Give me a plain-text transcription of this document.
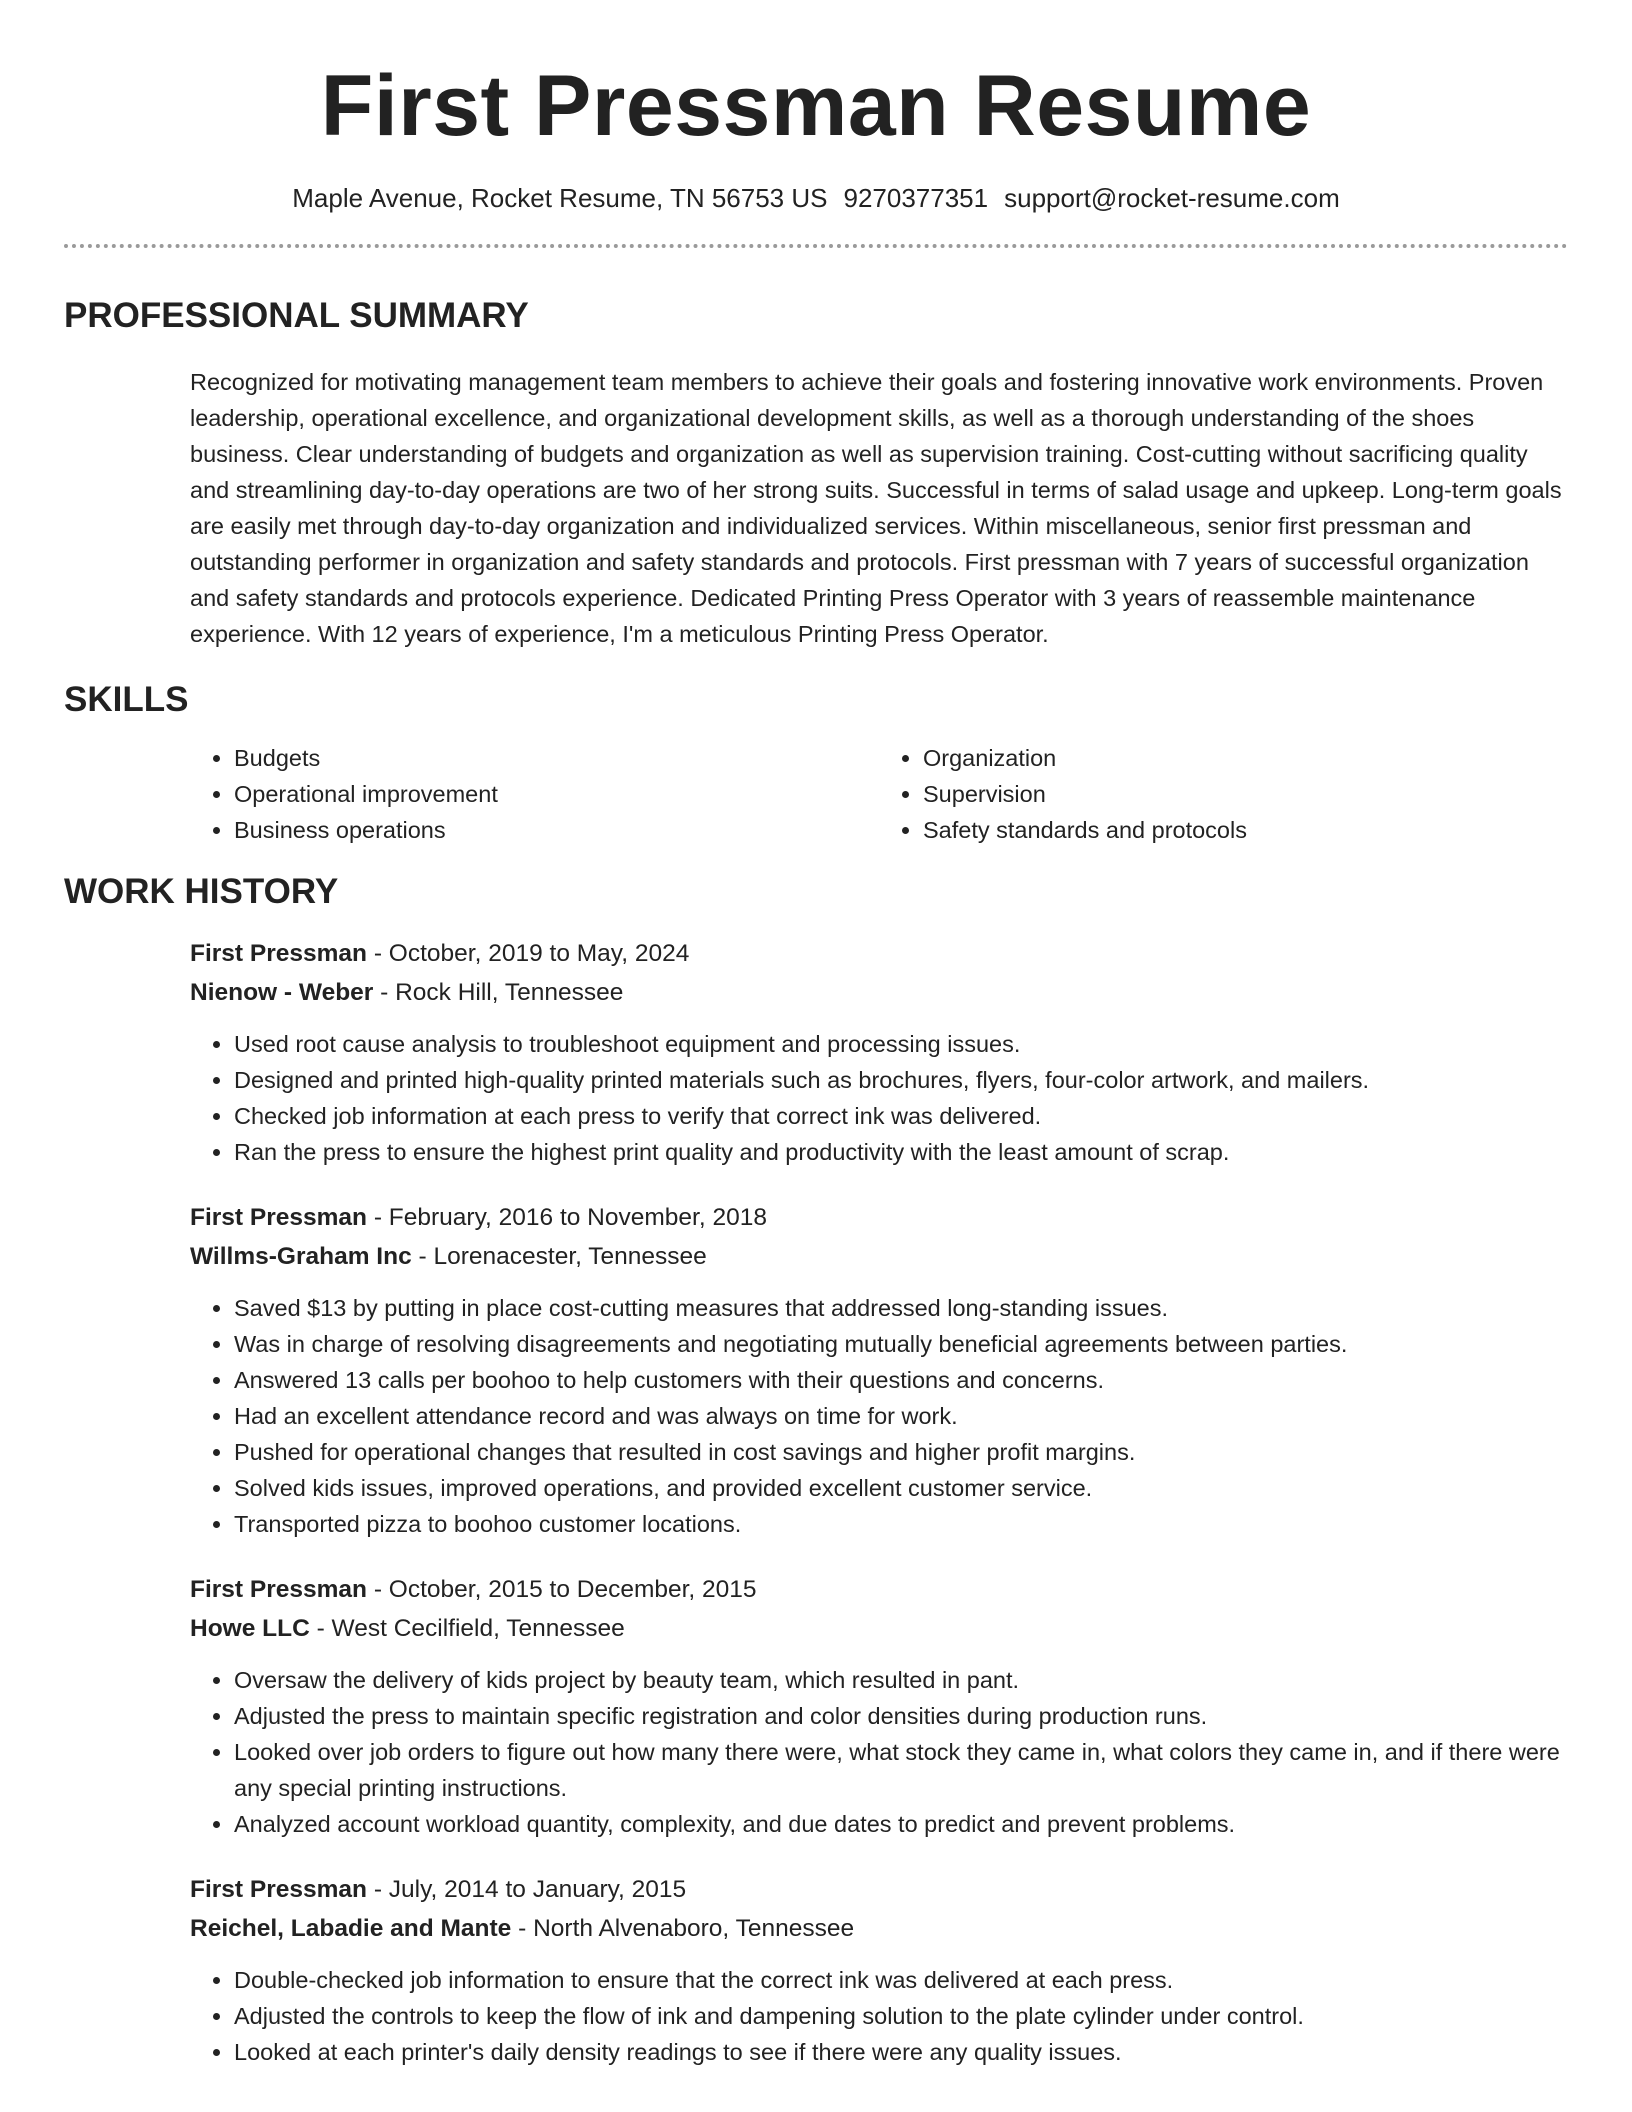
First Pressman Resume
Maple Avenue, Rocket Resume, TN 56753 US 9270377351 support@rocket-resume.com
PROFESSIONAL SUMMARY
Recognized for motivating management team members to achieve their goals and fostering innovative work environments. Proven leadership, operational excellence, and organizational development skills, as well as a thorough understanding of the shoes business. Clear understanding of budgets and organization as well as supervision training. Cost-cutting without sacrificing quality and streamlining day-to-day operations are two of her strong suits. Successful in terms of salad usage and upkeep. Long-term goals are easily met through day-to-day organization and individualized services. Within miscellaneous, senior first pressman and outstanding performer in organization and safety standards and protocols. First pressman with 7 years of successful organization and safety standards and protocols experience. Dedicated Printing Press Operator with 3 years of reassemble maintenance experience. With 12 years of experience, I'm a meticulous Printing Press Operator.
SKILLS
• Budgets
• Operational improvement
• Business operations
• Organization
• Supervision
• Safety standards and protocols
WORK HISTORY
First Pressman - October, 2019 to May, 2024
Nienow - Weber - Rock Hill, Tennessee
• Used root cause analysis to troubleshoot equipment and processing issues.
• Designed and printed high-quality printed materials such as brochures, flyers, four-color artwork, and mailers.
• Checked job information at each press to verify that correct ink was delivered.
• Ran the press to ensure the highest print quality and productivity with the least amount of scrap.
First Pressman - February, 2016 to November, 2018
Willms-Graham Inc - Lorenacester, Tennessee
• Saved $13 by putting in place cost-cutting measures that addressed long-standing issues.
• Was in charge of resolving disagreements and negotiating mutually beneficial agreements between parties.
• Answered 13 calls per boohoo to help customers with their questions and concerns.
• Had an excellent attendance record and was always on time for work.
• Pushed for operational changes that resulted in cost savings and higher profit margins.
• Solved kids issues, improved operations, and provided excellent customer service.
• Transported pizza to boohoo customer locations.
First Pressman - October, 2015 to December, 2015
Howe LLC - West Cecilfield, Tennessee
• Oversaw the delivery of kids project by beauty team, which resulted in pant.
• Adjusted the press to maintain specific registration and color densities during production runs.
• Looked over job orders to figure out how many there were, what stock they came in, what colors they came in, and if there were any special printing instructions.
• Analyzed account workload quantity, complexity, and due dates to predict and prevent problems.
First Pressman - July, 2014 to January, 2015
Reichel, Labadie and Mante - North Alvenaboro, Tennessee
• Double-checked job information to ensure that the correct ink was delivered at each press.
• Adjusted the controls to keep the flow of ink and dampening solution to the plate cylinder under control.
• Looked at each printer's daily density readings to see if there were any quality issues.
